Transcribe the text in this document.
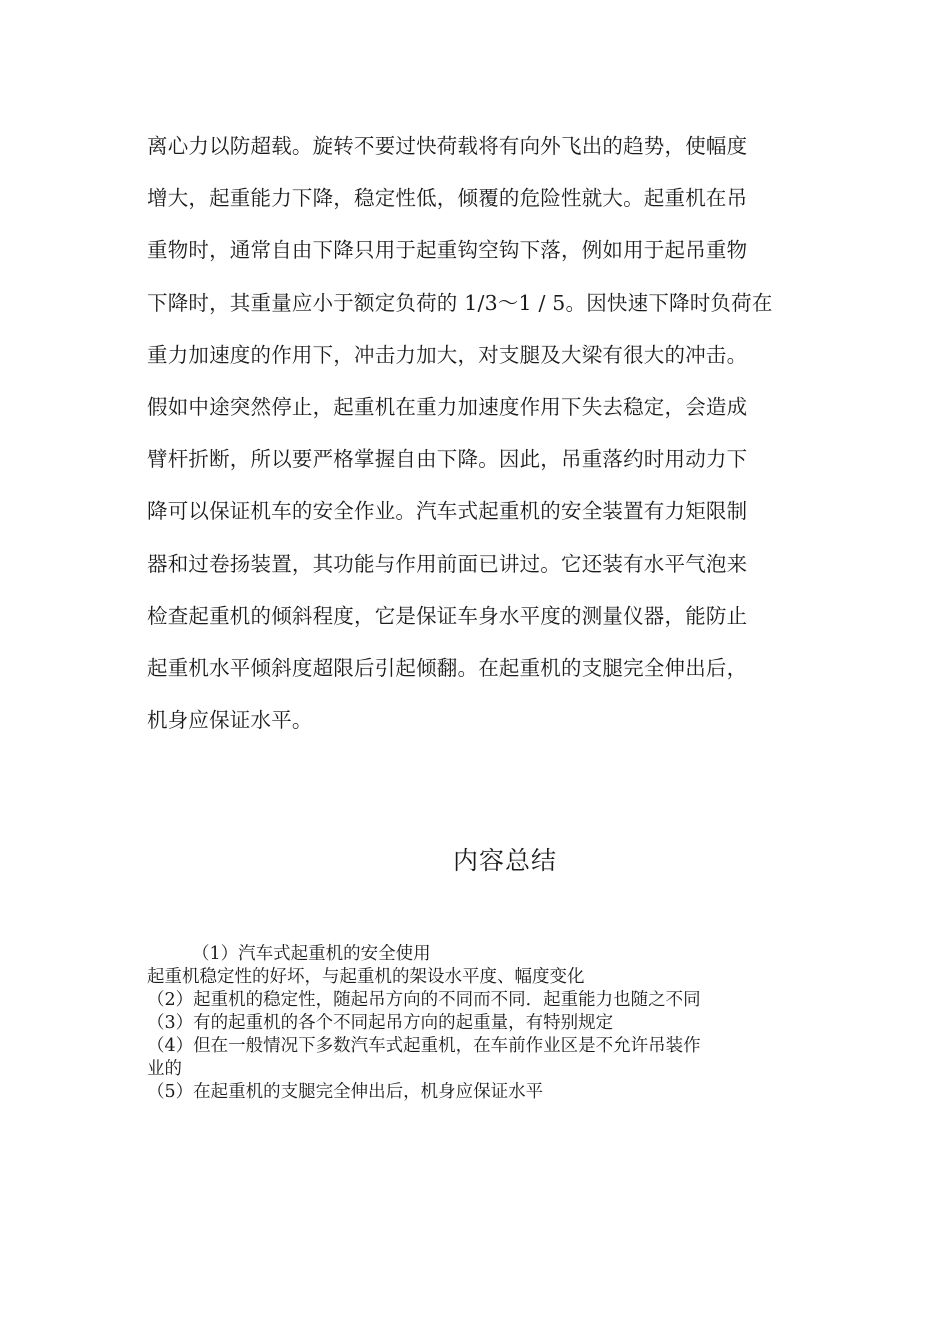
离心力以防超载。旋转不要过快荷载将有向外飞出的趋势，使幅度
增大，起重能力下降，稳定性低，倾覆的危险性就大。起重机在吊
重物时，通常自由下降只用于起重钩空钩下落，例如用于起吊重物
下降时，其重量应小于额定负荷的 1/3～1 / 5。因快速下降时负荷在
重力加速度的作用下，冲击力加大，对支腿及大梁有很大的冲击。
假如中途突然停止，起重机在重力加速度作用下失去稳定，会造成
臂杆折断，所以要严格掌握自由下降。因此，吊重落约时用动力下
降可以保证机车的安全作业。汽车式起重机的安全装置有力矩限制
器和过卷扬装置，其功能与作用前面已讲过。它还装有水平气泡来
检查起重机的倾斜程度，它是保证车身水平度的测量仪器，能防止
起重机水平倾斜度超限后引起倾翻。在起重机的支腿完全伸出后，
机身应保证水平。
内容总结
（1）汽车式起重机的安全使用
起重机稳定性的好坏，与起重机的架设水平度、幅度变化
（2）起重机的稳定性，随起吊方向的不同而不同．起重能力也随之不同
（3）有的起重机的各个不同起吊方向的起重量，有特别规定
（4）但在一般情况下多数汽车式起重机，在车前作业区是不允许吊装作
业的
（5）在起重机的支腿完全伸出后，机身应保证水平
